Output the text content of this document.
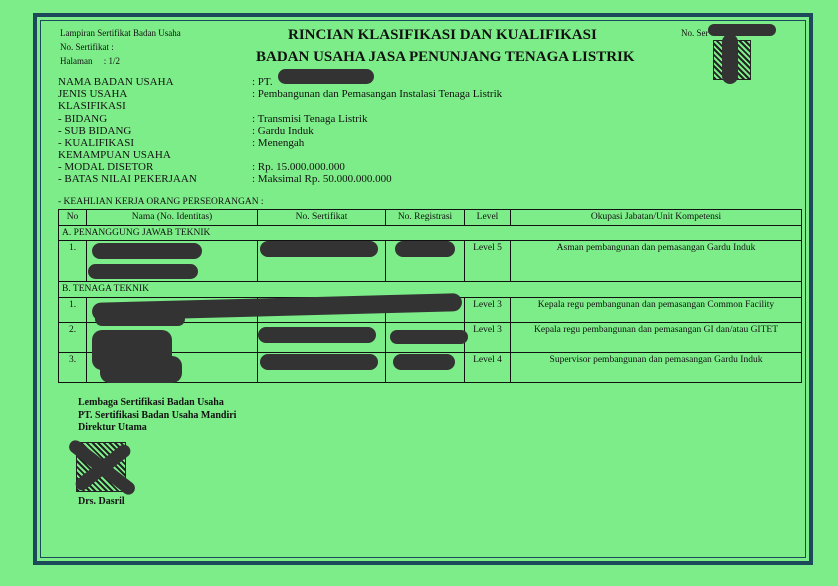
Lampiran Sertifikat Badan Usaha
No. Sertifikat :
Halaman     : 1/2
RINCIAN KLASIFIKASI DAN KUALIFIKASI
BADAN USAHA JASA PENUNJANG TENAGA LISTRIK
No. Ser
NAMA BADAN USAHA	: PT.
JENIS USAHA	: Pembangunan dan Pemasangan Instalasi Tenaga Listrik
KLASIFIKASI
- BIDANG	: Transmisi Tenaga Listrik
- SUB BIDANG	: Gardu Induk
- KUALIFIKASI	: Menengah
KEMAMPUAN USAHA
- MODAL DISETOR	: Rp. 15.000.000.000
- BATAS NILAI PEKERJAAN	: Maksimal Rp. 50.000.000.000
- KEAHLIAN KERJA ORANG PERSEORANGAN :
No	Nama (No. Identitas)	No. Sertifikat	No. Registrasi	Level	Okupasi Jabatan/Unit Kompetensi
A. PENANGGUNG JAWAB TEKNIK					
1.				Level 5	Asman pembangunan dan pemasangan Gardu Induk
B. TENAGA TEKNIK					
1.				Level 3	Kepala regu pembangunan dan pemasangan Common Facility
2.				Level 3	Kepala regu pembangunan dan pemasangan GI dan/atau GITET
3.				Level 4	Supervisor pembangunan dan pemasangan Gardu Induk
Lembaga Sertifikasi Badan Usaha
PT. Sertifikasi Badan Usaha Mandiri
Direktur Utama
Drs. Dasril
